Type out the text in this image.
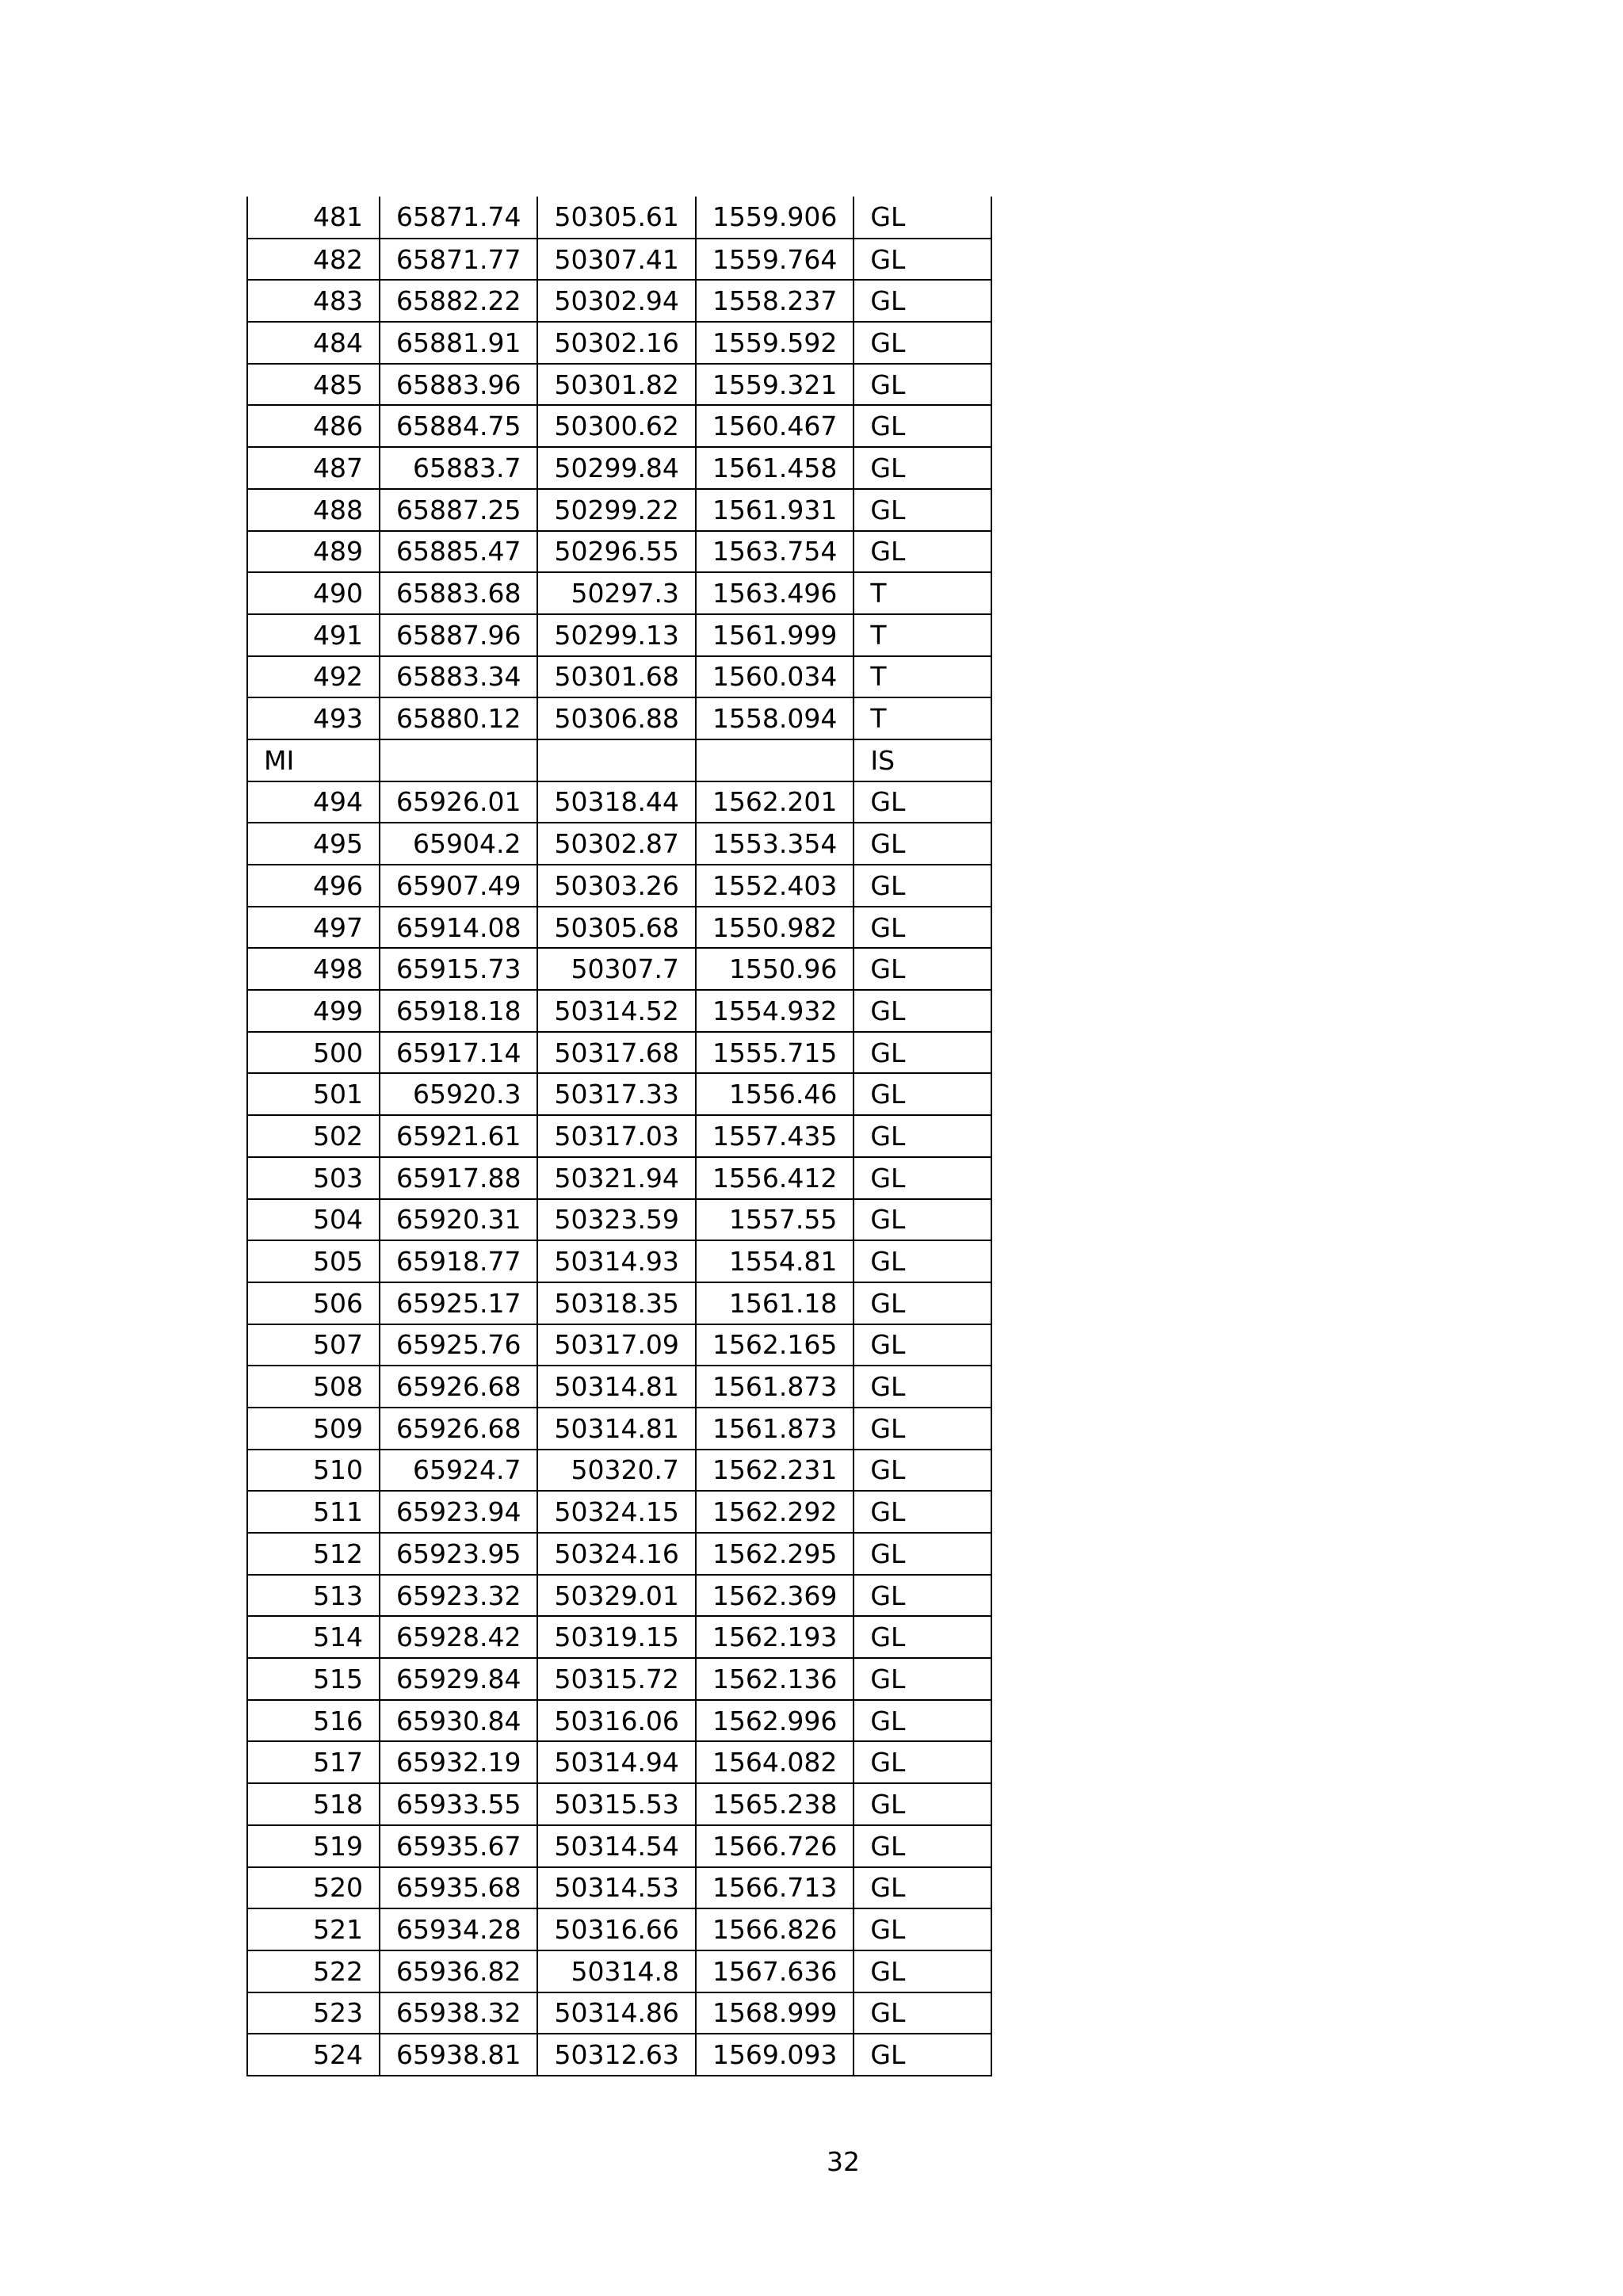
481	65871.74	50305.61	1559.906	GL
482	65871.77	50307.41	1559.764	GL
483	65882.22	50302.94	1558.237	GL
484	65881.91	50302.16	1559.592	GL
485	65883.96	50301.82	1559.321	GL
486	65884.75	50300.62	1560.467	GL
487	65883.7	50299.84	1561.458	GL
488	65887.25	50299.22	1561.931	GL
489	65885.47	50296.55	1563.754	GL
490	65883.68	50297.3	1563.496	T
491	65887.96	50299.13	1561.999	T
492	65883.34	50301.68	1560.034	T
493	65880.12	50306.88	1558.094	T
MI				IS
494	65926.01	50318.44	1562.201	GL
495	65904.2	50302.87	1553.354	GL
496	65907.49	50303.26	1552.403	GL
497	65914.08	50305.68	1550.982	GL
498	65915.73	50307.7	1550.96	GL
499	65918.18	50314.52	1554.932	GL
500	65917.14	50317.68	1555.715	GL
501	65920.3	50317.33	1556.46	GL
502	65921.61	50317.03	1557.435	GL
503	65917.88	50321.94	1556.412	GL
504	65920.31	50323.59	1557.55	GL
505	65918.77	50314.93	1554.81	GL
506	65925.17	50318.35	1561.18	GL
507	65925.76	50317.09	1562.165	GL
508	65926.68	50314.81	1561.873	GL
509	65926.68	50314.81	1561.873	GL
510	65924.7	50320.7	1562.231	GL
511	65923.94	50324.15	1562.292	GL
512	65923.95	50324.16	1562.295	GL
513	65923.32	50329.01	1562.369	GL
514	65928.42	50319.15	1562.193	GL
515	65929.84	50315.72	1562.136	GL
516	65930.84	50316.06	1562.996	GL
517	65932.19	50314.94	1564.082	GL
518	65933.55	50315.53	1565.238	GL
519	65935.67	50314.54	1566.726	GL
520	65935.68	50314.53	1566.713	GL
521	65934.28	50316.66	1566.826	GL
522	65936.82	50314.8	1567.636	GL
523	65938.32	50314.86	1568.999	GL
524	65938.81	50312.63	1569.093	GL
32
